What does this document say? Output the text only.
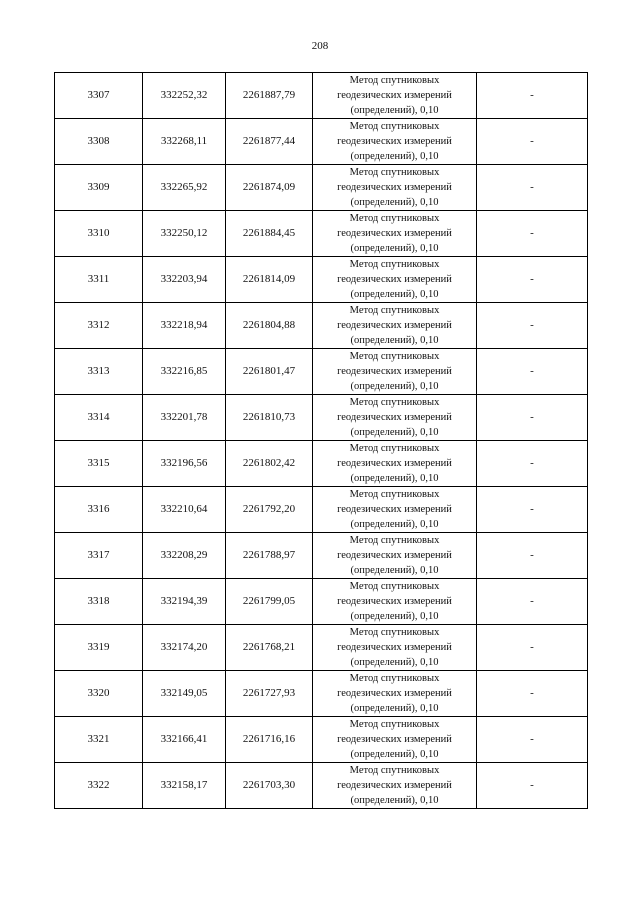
208
3307	332252,32	2261887,79	Метод спутниковых
геодезических измерений
(определений), 0,10	-
3308	332268,11	2261877,44	Метод спутниковых
геодезических измерений
(определений), 0,10	-
3309	332265,92	2261874,09	Метод спутниковых
геодезических измерений
(определений), 0,10	-
3310	332250,12	2261884,45	Метод спутниковых
геодезических измерений
(определений), 0,10	-
3311	332203,94	2261814,09	Метод спутниковых
геодезических измерений
(определений), 0,10	-
3312	332218,94	2261804,88	Метод спутниковых
геодезических измерений
(определений), 0,10	-
3313	332216,85	2261801,47	Метод спутниковых
геодезических измерений
(определений), 0,10	-
3314	332201,78	2261810,73	Метод спутниковых
геодезических измерений
(определений), 0,10	-
3315	332196,56	2261802,42	Метод спутниковых
геодезических измерений
(определений), 0,10	-
3316	332210,64	2261792,20	Метод спутниковых
геодезических измерений
(определений), 0,10	-
3317	332208,29	2261788,97	Метод спутниковых
геодезических измерений
(определений), 0,10	-
3318	332194,39	2261799,05	Метод спутниковых
геодезических измерений
(определений), 0,10	-
3319	332174,20	2261768,21	Метод спутниковых
геодезических измерений
(определений), 0,10	-
3320	332149,05	2261727,93	Метод спутниковых
геодезических измерений
(определений), 0,10	-
3321	332166,41	2261716,16	Метод спутниковых
геодезических измерений
(определений), 0,10	-
3322	332158,17	2261703,30	Метод спутниковых
геодезических измерений
(определений), 0,10	-
